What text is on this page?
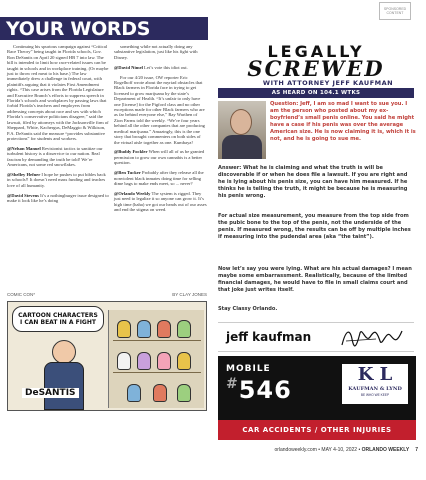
YOUR WORDS

Continuing his spurious campaign against “Critical Race Theory” being taught in Florida schools, Gov. Ron DeSantis on April 20 signed HB 7 into law. The bill is intended to limit how race-related issues can be taught in schools and in workplace training. (Or maybe just to throw red meat to his base.) The law immediately drew a challenge in federal court, with plaintiffs arguing that it violates First Amendment rights. “This case arises from the Florida Legislature and Executive Branch’s efforts to suppress speech in Florida’s schools and workplaces by passing laws that forbid Florida’s teachers and employers from addressing concepts about race and sex with which Florida’s conservative politicians disagree,” said the lawsuit, filed by attorneys with the Jacksonville firm of Sheppard, White, Kachergus, DeMaggio & Wilkison, P.A. DeSantis said the measure “provides substantive protections” for students and workers.

@Nelson Manuel Revisionist tactics to sanitize our turbulent history is a disservice to our nation. Real fascism by demanding the truth be told! We’re Americans, not some red snowflakes.

@Shelley Hefner I hope he pushes to put bibles back in schools!! It doesn’t need mass funding and teaches love of all humanity.

@David Stevens It’s a nothingburger issue designed to make it look like he’s doing

something while not actually doing any substantive legislation, just like his fight with Disney.

@David Nimel Let’s vote this idiot out.

For our 4/20 issue, OW reporter Eric Rogelhoff wrote about the myriad obstacles that Black farmers in Florida face in trying to get licensed to grow marijuana by the state’s Department of Health. “It’s unfair to only have one [license] for the Pigford class and no other exceptions made for other Black farmers who are as far behind everyone else,” Ray Warthen of Zion Farms told the weekly. “We’re four years behind all the other companies that are producing medical marijuana.” Amazingly, this is the one story that brought commenters on both sides of the virtual aisle together as one. Kumbaya!

@Buddy Fockler When will all of us be granted permission to grow our own cannabis is a better question.

@Ben Tucker Probably after they release all the nonviolent black inmates doing time for selling dime bags to make ends meet, so ... never?

@Orlando Weekly The system is rigged. They just need to legalize it so anyone can grow it. It’s high time (haha) we got our heads out of our asses and end the stigma on weed.

COMIC CON*	BY CLAY JONES
CARTOON CHARACTERS I CAN BEAT IN A FIGHT
DeSANTIS
SPONSORED CONTENT
LEGALLY
SCREWED
WITH ATTORNEY JEFF KAUFMAN
AS HEARD ON 104.1 WTKS
Question: Jeff, I am so mad I want to sue you. I am the person who posted about my ex-boyfriend’s small penis online. You said he might have a case if his penis was over the average American size. He is now claiming it is, which it is not, and he is going to sue me.
Answer: What he is claiming and what the truth is will be discoverable if or when he does file a lawsuit. If you are right and he is lying about his penis size, you can have him measured. If he thinks he is telling the truth, it might be because he is measuring his penis wrong.
For actual size measurement, you measure from the top side from the pubic bone to the top of the penis, not the underside of the penis. If measured wrong, the results can be off by multiple inches if measuring into the pudendal area (aka “the taint”).
Now let’s say you were lying. What are his actual damages? I mean maybe some embarrassment. Realistically, because of the limited financial damages, he would have to file in small claims court and that joke just writes itself.
Stay Classy Orlando.
jeff kaufman
MOBILE
#546
K L
KAUFMAN & LYND
BE WHO WE KEEP
CAR ACCIDENTS / OTHER INJURIES
orlandoweekly.com • MAY 4-10, 2022 • ORLANDO WEEKLY 7
